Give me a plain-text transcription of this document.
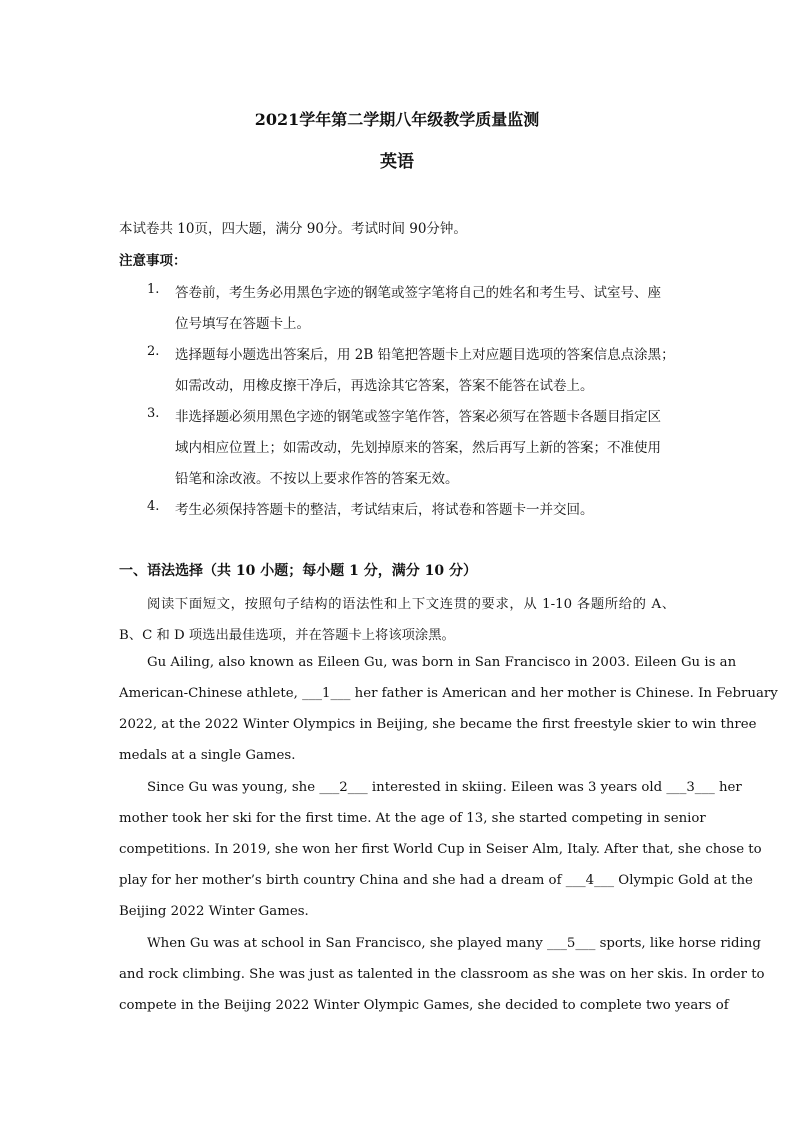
2021学年第二学期八年级教学质量监测
英语
本试卷共 10页，四大题，满分 90分。考试时间 90分钟。
注意事项：
1. 答卷前，考生务必用黑色字迹的钢笔或签字笔将自己的姓名和考生号、试室号、座
位号填写在答题卡上。
2. 选择题每小题选出答案后，用 2B 铅笔把答题卡上对应题目选项的答案信息点涂黑；
如需改动，用橡皮擦干净后，再选涂其它答案，答案不能答在试卷上。
3. 非选择题必须用黑色字迹的钢笔或签字笔作答，答案必须写在答题卡各题目指定区
域内相应位置上；如需改动，先划掉原来的答案，然后再写上新的答案；不准使用
铅笔和涂改液。不按以上要求作答的答案无效。
4. 考生必须保持答题卡的整洁，考试结束后，将试卷和答题卡一并交回。
一、语法选择（共 10 小题；每小题 1 分，满分 10 分）
阅读下面短文，按照句子结构的语法性和上下文连贯的要求，从 1-10 各题所给的 A、
B、C 和 D 项选出最佳选项，并在答题卡上将该项涂黑。
Gu Ailing, also known as Eileen Gu, was born in San Francisco in 2003. Eileen Gu is an
American-Chinese athlete, ___1___ her father is American and her mother is Chinese. In February
2022, at the 2022 Winter Olympics in Beijing, she became the first freestyle skier to win three
medals at a single Games.
Since Gu was young, she ___2___ interested in skiing. Eileen was 3 years old ___3___ her
mother took her ski for the first time. At the age of 13, she started competing in senior
competitions. In 2019, she won her first World Cup in Seiser Alm, Italy. After that, she chose to
play for her mother’s birth country China and she had a dream of ___4___ Olympic Gold at the
Beijing 2022 Winter Games.
When Gu was at school in San Francisco, she played many ___5___ sports, like horse riding
and rock climbing. She was just as talented in the classroom as she was on her skis. In order to
compete in the Beijing 2022 Winter Olympic Games, she decided to complete two years of
